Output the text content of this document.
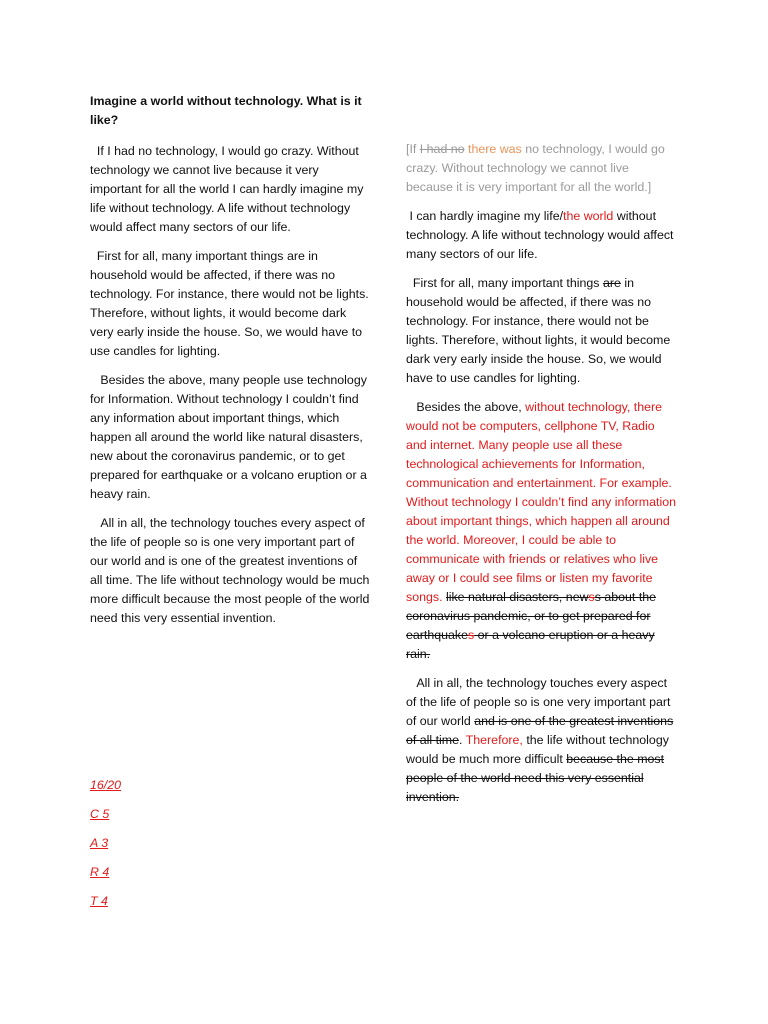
Imagine a world without technology. What is it like?

If I had no technology, I would go crazy. Without technology we cannot live because it very important for all the world I can hardly imagine my life without technology. A life without technology would affect many sectors of our life.

First for all, many important things are in household would be affected, if there was no technology. For instance, there would not be lights. Therefore, without lights, it would become dark very early inside the house. So, we would have to use candles for lighting.

Besides the above, many people use technology for Information. Without technology I couldn’t find any information about important things, which happen all around the world like natural disasters, new about the coronavirus pandemic, or to get prepared for earthquake or a volcano eruption or a heavy rain.

All in all, the technology touches every aspect of the life of people so is one very important part of our world and is one of the greatest inventions of all time. The life without technology would be much more difficult because the most people of the world need this very essential invention.

16/20
C 5
A 3
R 4
T 4

[If I had no there was no technology, I would go crazy. Without technology we cannot live because it is very important for all the world.]

I can hardly imagine my life/the world without technology. A life without technology would affect many sectors of our life.

First for all, many important things are in household would be affected, if there was no technology. For instance, there would not be lights. Therefore, without lights, it would become dark very early inside the house. So, we would have to use candles for lighting.

Besides the above, without technology, there would not be computers, cellphone TV, Radio and internet. Many people use all these technological achievements for Information, communication and entertainment. For example. Without technology I couldn’t find any information about important things, which happen all around the world. Moreover, I could be able to communicate with friends or relatives who live away or I could see films or listen my favorite songs. like natural disasters, newss about the coronavirus pandemic, or to get prepared for earthquakes or a volcano eruption or a heavy rain.

All in all, the technology touches every aspect of the life of people so is one very important part of our world and is one of the greatest inventions of all time. Therefore, the life without technology would be much more difficult because the most people of the world need this very essential invention.
